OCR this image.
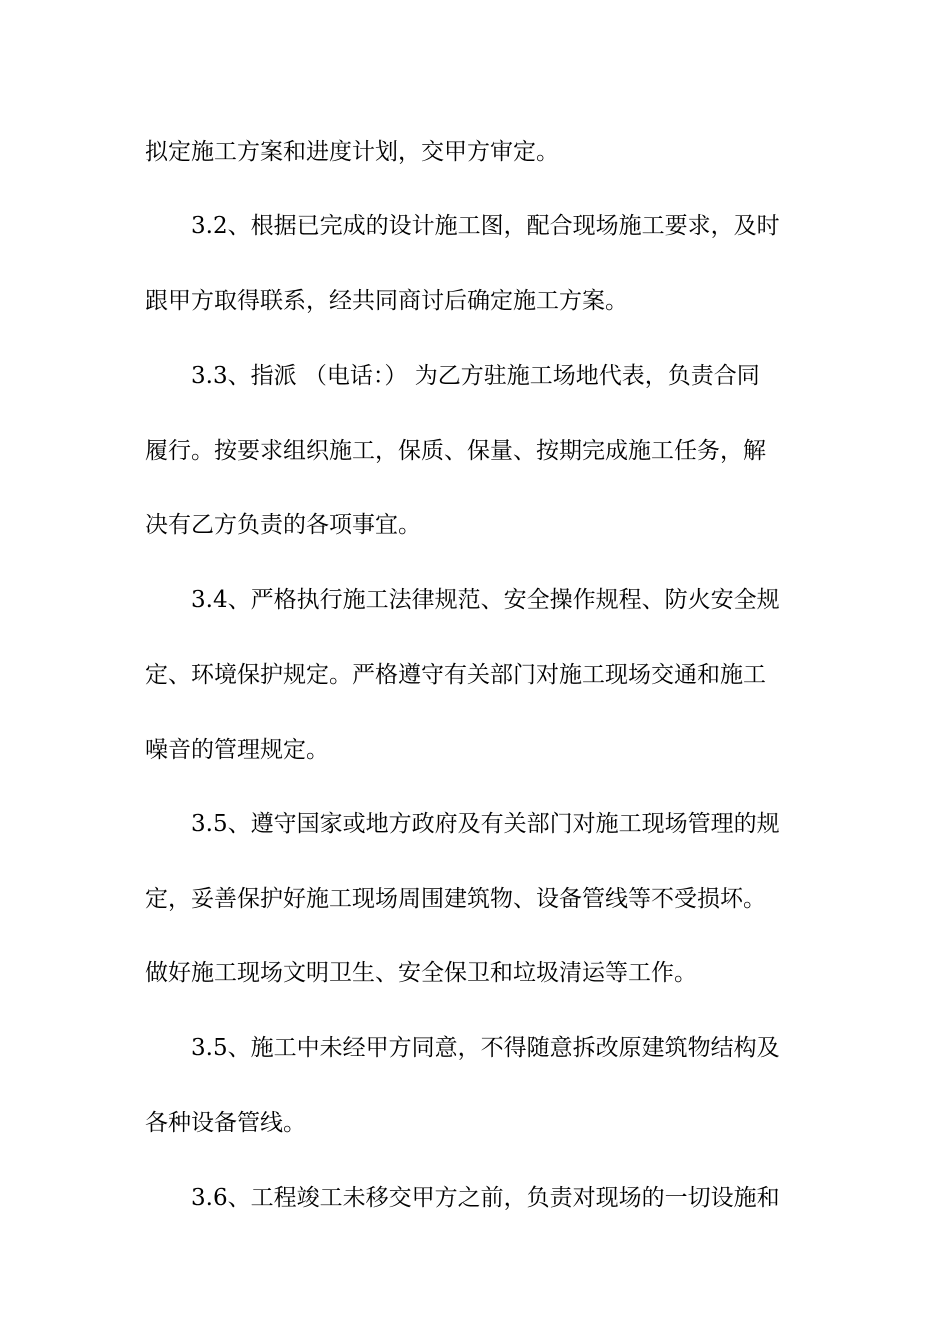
拟定施工方案和进度计划，交甲方审定。
3.2、根据已完成的设计施工图，配合现场施工要求，及时
跟甲方取得联系，经共同商讨后确定施工方案。
3.3、指派 （电话：） 为乙方驻施工场地代表，负责合同
履行。按要求组织施工，保质、保量、按期完成施工任务，解
决有乙方负责的各项事宜。
3.4、严格执行施工法律规范、安全操作规程、防火安全规
定、环境保护规定。严格遵守有关部门对施工现场交通和施工
噪音的管理规定。
3.5、遵守国家或地方政府及有关部门对施工现场管理的规
定，妥善保护好施工现场周围建筑物、设备管线等不受损坏。
做好施工现场文明卫生、安全保卫和垃圾清运等工作。
3.5、施工中未经甲方同意，不得随意拆改原建筑物结构及
各种设备管线。
3.6、工程竣工未移交甲方之前，负责对现场的一切设施和
